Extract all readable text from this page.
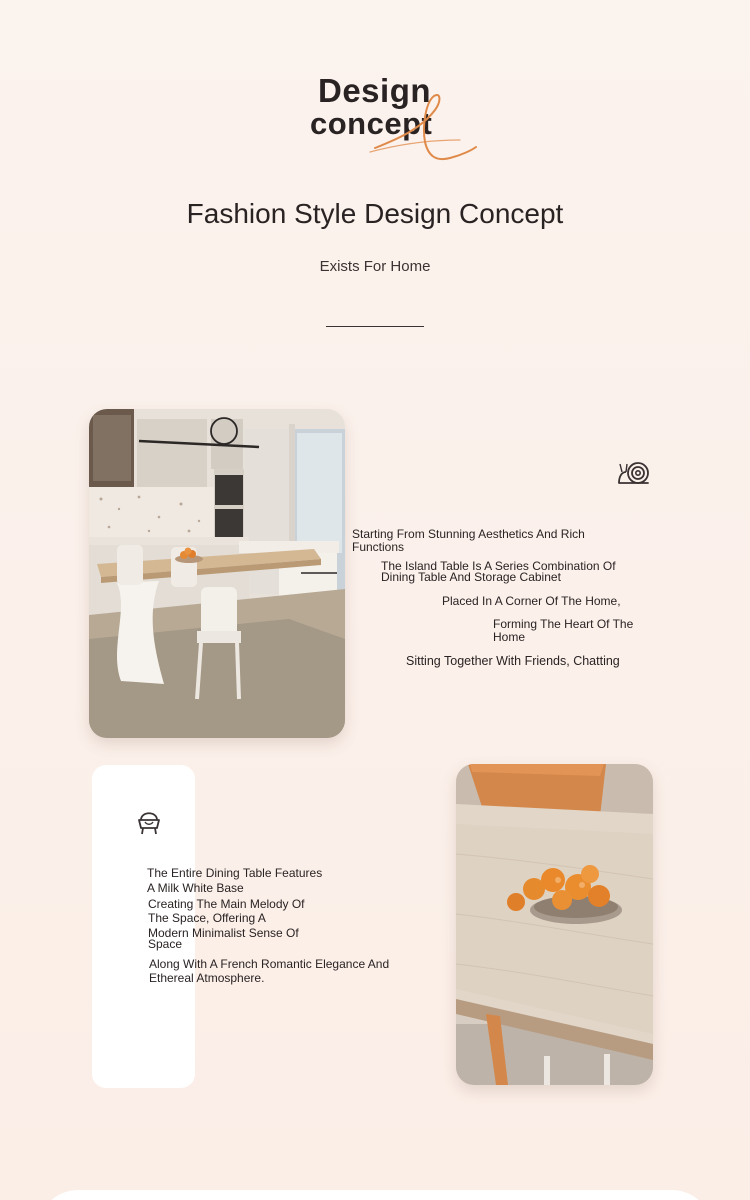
Design
concept
Fashion Style Design Concept
Exists For Home
Starting From Stunning Aesthetics And Rich
Functions
The Island Table Is A Series Combination Of
Dining Table And Storage Cabinet
Placed In A Corner Of The Home,
Forming The Heart Of The
Home
Sitting Together With Friends, Chatting
The Entire Dining Table Features
A Milk White Base
Creating The Main Melody Of
The Space, Offering A
Modern Minimalist Sense Of
Space
Along With A French Romantic Elegance And
Ethereal Atmosphere.
